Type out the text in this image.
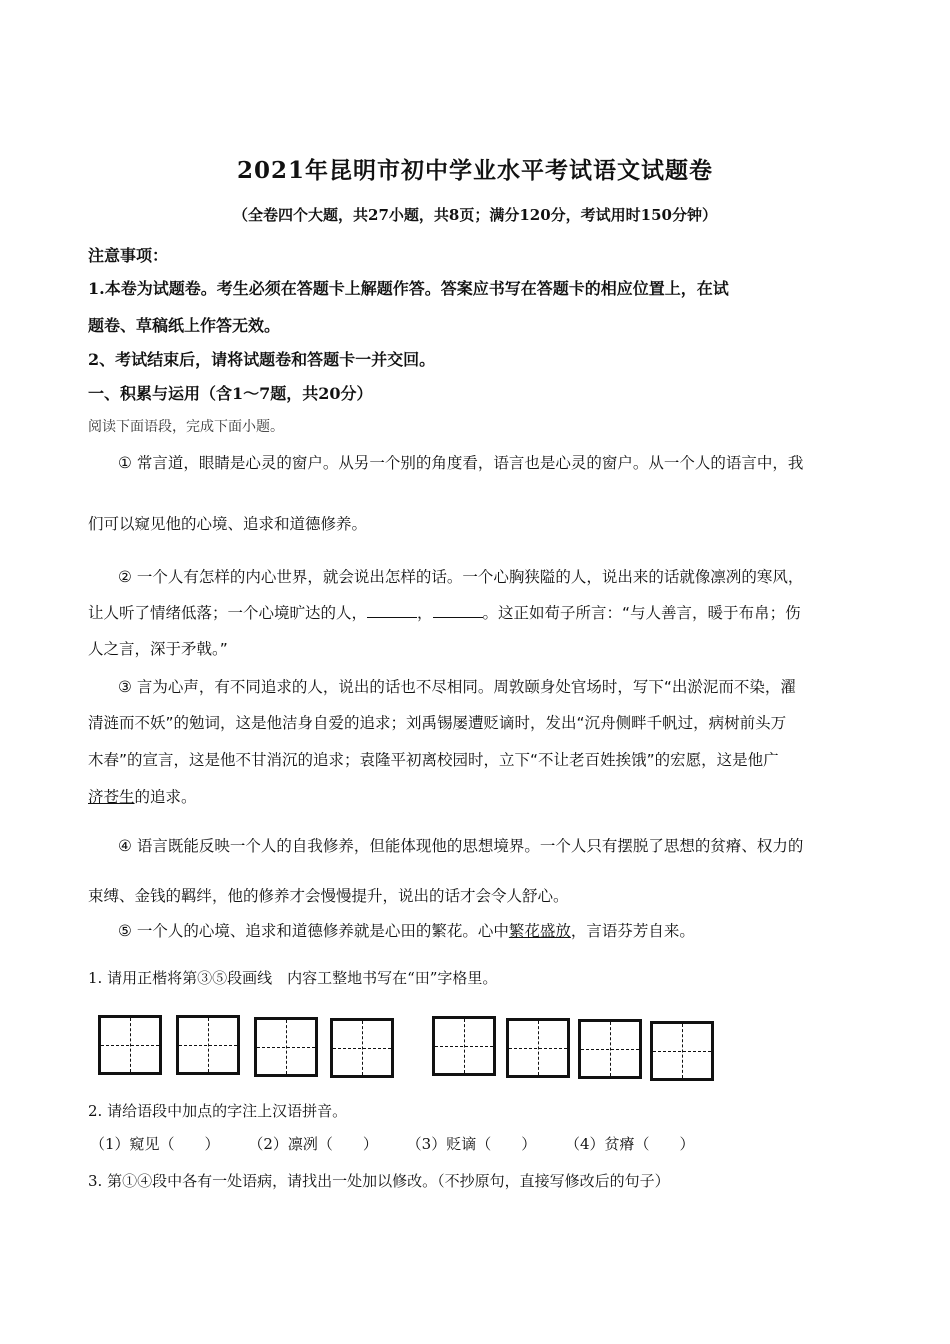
2021年昆明市初中学业水平考试语文试题卷
（全卷四个大题，共27小题，共8页；满分120分，考试用时150分钟）
注意事项：
1.本卷为试题卷。考生必须在答题卡上解题作答。答案应书写在答题卡的相应位置上，在试
题卷、草稿纸上作答无效。
2、考试结束后，请将试题卷和答题卡一并交回。
一、积累与运用（含1～7题，共20分）
阅读下面语段，完成下面小题。
① 常言道，眼睛是心灵的窗户。从另一个别的角度看，语言也是心灵的窗户。从一个人的语言中，我
们可以窥见他的心境、追求和道德修养。
② 一个人有怎样的内心世界，就会说出怎样的话。一个心胸狭隘的人，说出来的话就像凛冽的寒风，
让人听了情绪低落；一个心境旷达的人，	，	。这正如荀子所言：“与人善言，暖于布帛；伤
人之言，深于矛戟。”
③ 言为心声，有不同追求的人，说出的话也不尽相同。周敦颐身处官场时，写下“出淤泥而不染，濯
清涟而不妖”的勉词，这是他洁身自爱的追求；刘禹锡屡遭贬谪时，发出“沉舟侧畔千帆过，病树前头万
木春”的宣言，这是他不甘消沉的追求；袁隆平初离校园时，立下“不让老百姓挨饿”的宏愿，这是他广
济苍生的追求。
④ 语言既能反映一个人的自我修养，但能体现他的思想境界。一个人只有摆脱了思想的贫瘠、权力的
束缚、金钱的羁绊，他的修养才会慢慢提升，说出的话才会令人舒心。
⑤ 一个人的心境、追求和道德修养就是心田的繁花。心中繁花盛放，言语芬芳自来。
1. 请用正楷将第③⑤段画线　内容工整地书写在“田”字格里。
2. 请给语段中加点的字注上汉语拼音。
（1）窥见（　　） （2）凛冽（　　） （3）贬谪（　　） （4）贫瘠（　　）
3. 第①④段中各有一处语病，请找出一处加以修改。（不抄原句，直接写修改后的句子）
